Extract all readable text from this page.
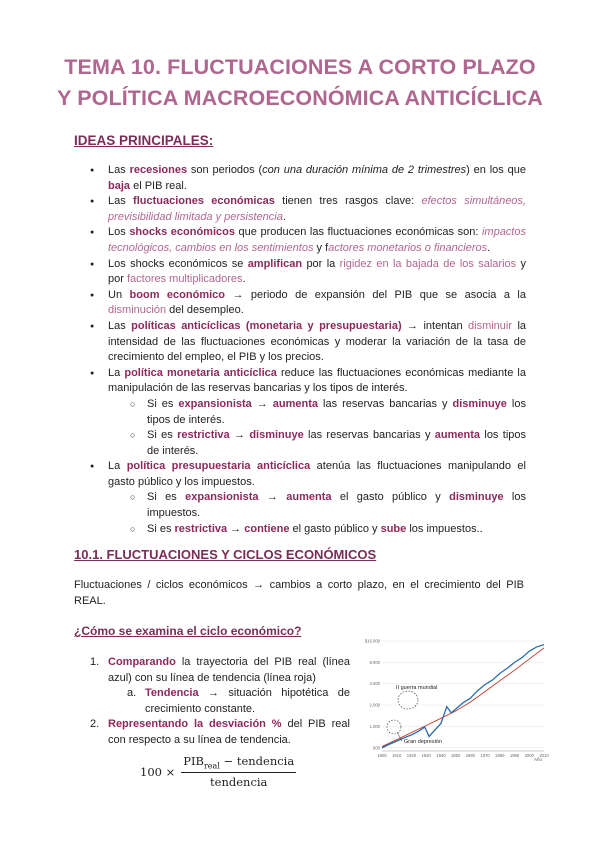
TEMA 10. FLUCTUACIONES A CORTO PLAZO
Y POLÍTICA MACROECONÓMICA ANTICÍCLICA
IDEAS PRINCIPALES:
● Las recesiones son periodos (con una duración mínima de 2 trimestres) en los que baja el PIB real.
● Las fluctuaciones económicas tienen tres rasgos clave: efectos simultáneos, previsibilidad limitada y persistencia.
● Los shocks económicos que producen las fluctuaciones económicas son: impactos tecnológicos, cambios en los sentimientos y factores monetarios o financieros.
● Los shocks económicos se amplifican por la rigidez en la bajada de los salarios y por factores multiplicadores.
● Un boom económico → periodo de expansión del PIB que se asocia a la disminución del desempleo.
● Las políticas anticíclicas (monetaria y presupuestaria) → intentan disminuir la intensidad de las fluctuaciones económicas y moderar la variación de la tasa de crecimiento del empleo, el PIB y los precios.
● La política monetaria anticíclica reduce las fluctuaciones económicas mediante la manipulación de las reservas bancarias y los tipos de interés.
○ Si es expansionista → aumenta las reservas bancarias y disminuye los tipos de interés.
○ Si es restrictiva → disminuye las reservas bancarias y aumenta los tipos de interés.
● La política presupuestaria anticíclica atenúa las fluctuaciones manipulando el gasto público y los impuestos.
○ Si es expansionista → aumenta el gasto público y disminuye los impuestos.
○ Si es restrictiva → contiene el gasto público y sube los impuestos..
10.1. FLUCTUACIONES Y CICLOS ECONÓMICOS
Fluctuaciones / ciclos económicos → cambios a corto plazo, en el crecimiento del PIB REAL.
¿Cómo se examina el ciclo económico?
1. Comparando la trayectoria del PIB real (línea azul) con su línea de tendencia (línea roja)
a. Tendencia → situación hipotética de crecimiento constante.
2. Representando la desviación % del PIB real con respecto a su línea de tendencia.
$100 \times \frac{PIB_{real} - tendencia}{\text{tendencia}}$
$16.000
8.000
4.000
2.000
1.000
500
1900 1910 1920 1930 1940 1950 1960 1970 1980 1990 2000 2010
II guerra mundial
Gran depresión
Año
